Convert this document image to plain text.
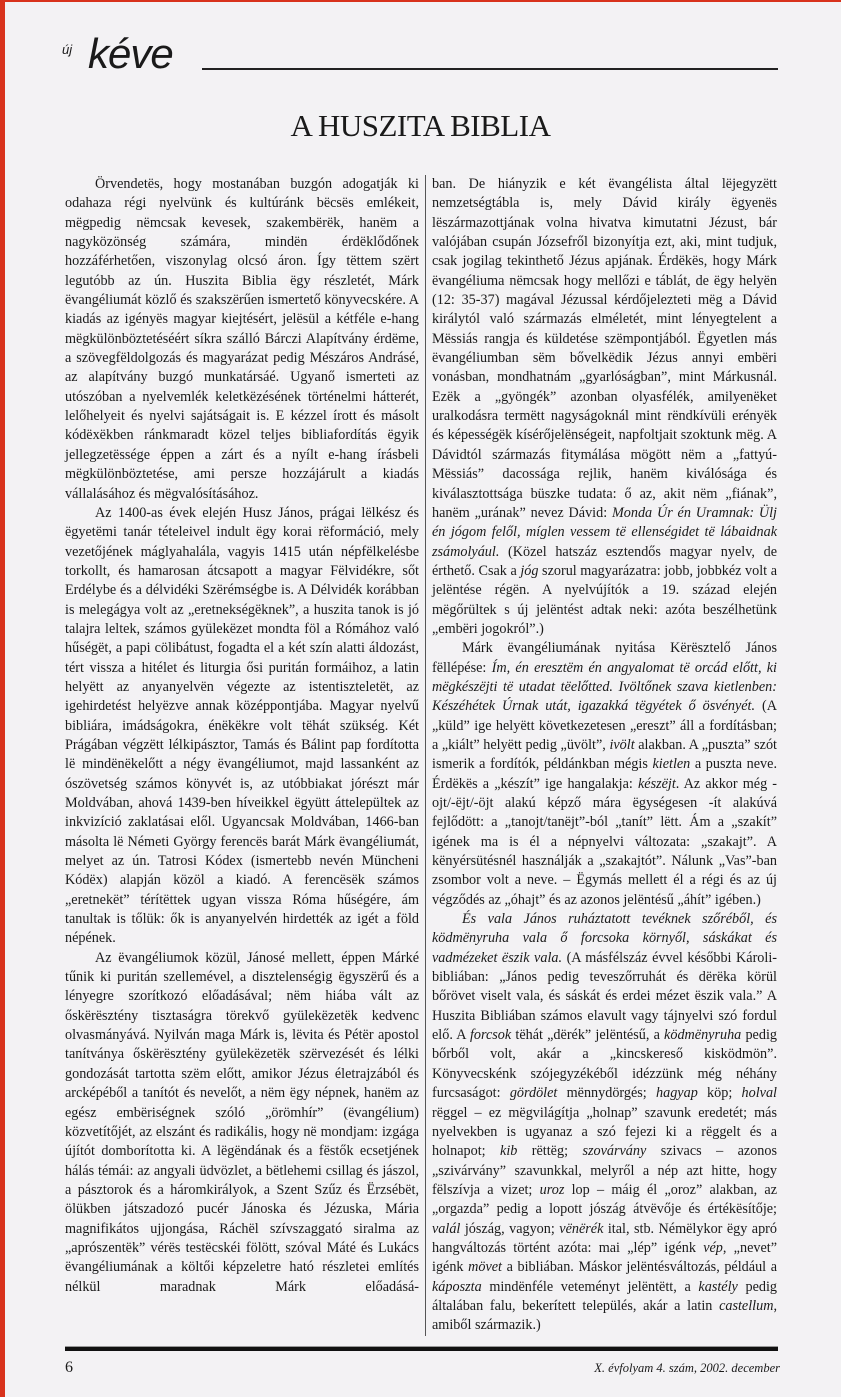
új kéve
A HUSZITA BIBLIA

Örvendetës, hogy mostanában buzgón adogatják ki odahaza régi nyelvünk és kultúránk bëcsës emlékeit, mëgpedig nëmcsak kevesek, szakembërëk, hanëm a nagyközönség számára, mindën érdëklődőnek hozzáférhetően, viszonylag olcsó áron. Így tëttem szërt legutóbb az ún. Huszita Biblia ëgy részletét, Márk ëvangéliumát közlő és szakszërűen ismertető könyvecskére. A kiadás az igényës magyar kiejtésért, jelësül a kétféle e-hang mëgkülönböztetéséért síkra szálló Bárczi Alapítvány érdëme, a szövegfëldolgozás és magyarázat pedig Mészáros Andrásé, az alapítvány buzgó munkatársáé. Ugyanő ismerteti az utószóban a nyelvemlék keletkëzésének történelmi hátterét, lelőhelyeit és nyelvi sajátságait is. E kézzel írott és másolt kódëxëkben ránkmaradt közel teljes bibliafordítás ëgyik jellegzetëssége éppen a zárt és a nyílt e-hang írásbeli mëgkülönböztetése, ami persze hozzájárult a kiadás vállalásához és mëgvalósításához.

Az 1400-as évek elején Husz János, prágai lëlkész és ëgyetëmi tanár tételeivel indult ëgy korai rëformáció, mely vezetőjének máglyahalála, vagyis 1415 után népfëlkelésbe torkollt, és hamarosan átcsapott a magyar Fëlvidékre, sőt Erdélybe és a délvidéki Szërémségbe is. A Délvidék korábban is melegágya volt az „eretnekségëknek”, a huszita tanok is jó talajra leltek, számos gyülekëzet mondta föl a Rómához való hűségët, a papi cölibátust, fogadta el a két szín alatti áldozást, tért vissza a hitélet és liturgia ősi puritán formáihoz, a latin helyëtt az anyanyelvën végezte az istentiszteletët, az igehirdetést helyëzve annak középpontjába. Magyar nyelvű bibliára, imádságokra, énëkëkre volt tëhát szükség. Két Prágában végzëtt lélkipásztor, Tamás és Bálint pap fordította lë mindënëkelőtt a négy ëvangéliumot, majd lassanként az ószövetség számos könyvét is, az utóbbiakat jórészt már Moldvában, ahová 1439-ben híveikkel ëgyütt áttelepültek az inkvizíció zaklatásai elől. Ugyancsak Moldvában, 1466-ban másolta lë Németi György ferencës barát Márk ëvangéliumát, melyet az ún. Tatrosi Kódex (ismertebb nevén Müncheni Kódëx) alapján közöl a kiadó. A ferencësëk számos „eretnekët” térítëttek ugyan vissza Róma hűségére, ám tanultak is tőlük: ők is anyanyelvén hirdették az igét a föld népének.

Az ëvangéliumok közül, Jánosé mellett, éppen Márké tűnik ki puritán szellemével, a disztelenségig ëgyszërű és a lényegre szorítkozó előadásával; nëm hiába vált az őskërësztény tisztaságra törekvő gyülekëzetëk kedvenc olvasmányává. Nyilván maga Márk is, lëvita és Pétër apostol tanítványa őskërësztény gyülekëzetëk szërvezését és lélki gondozását tartotta szëm előtt, amikor Jézus életrajzából és arcképéből a tanítót és nevelőt, a nëm ëgy népnek, hanëm az egész embëriségnek szóló „örömhír” (ëvangélium) közvetítőjét, az elszánt és radikális, hogy në mondjam: izgága újítót domborította ki. A lëgëndának és a fëstők ecsetjének hálás témái: az angyali üdvözlet, a bëtlehemi csillag és jászol, a pásztorok és a háromkirályok, a Szent Szűz és Ërzsébët, ölükben játszadozó pucér Jánoska és Jézuska, Mária magnifikátos ujjongása, Ráchël szívszaggató siralma az „aprószentëk” vérës testëcskéi fölött, szóval Máté és Lukács ëvangéliumának a költői képzeletre ható részletei említés nélkül maradnak Márk előadásá-

ban. De hiányzik e két ëvangélista által lëjegyzëtt nemzetségtábla is, mely Dávid király ëgyenës lëszármazottjának volna hivatva kimutatni Jézust, bár valójában csupán Józsefről bizonyítja ezt, aki, mint tudjuk, csak jogilag tekinthető Jézus apjának. Érdëkës, hogy Márk ëvangéliuma nëmcsak hogy mellőzi e táblát, de ëgy helyën (12: 35-37) magával Jézussal kérdőjelezteti mëg a Dávid királytól való származás elméletét, mint lényegtelent a Mëssiás rangja és küldetése szëmpontjából. Ëgyetlen más ëvangéliumban sëm bővelkëdik Jézus annyi embëri vonásban, mondhatnám „gyarlóságban”, mint Márkusnál. Ezëk a „gyöngék” azonban olyasfélék, amilyenëket uralkodásra termëtt nagyságoknál mint rëndkívüli erényëk és képességëk kísérőjelënségeit, napfoltjait szoktunk mëg. A Dávidtól származás fitymálása mögött nëm a „fattyú-Mëssiás” dacossága rejlik, hanëm kiválósága és kiválasztottsága büszke tudata: ő az, akit nëm „fiának”, hanëm „urának” nevez Dávid: Monda Úr én Uramnak: Ülj én jógom felől, míglen vessem të ellenségidet të lábaidnak zsámolyául. (Közel hatszáz esztendős magyar nyelv, de érthető. Csak a jóg szorul magyarázatra: jobb, jobbkéz volt a jelëntése régën. A nyelvújítók a 19. század elején mëgőrültek s új jelëntést adtak neki: azóta beszélhetünk „embëri jogokról”.)

Márk ëvangéliumának nyitása Kërësztelő János fëllépése: Ím, én eresztëm én angyalomat të orcád előtt, ki mëgkészëjti të utadat tëelőtted. Ivöltőnek szava kietlenben: Készéhétek Úrnak utát, igazakká tëgyétek ő ösvényét. (A „küld” ige helyëtt következetesen „ereszt” áll a fordításban; a „kiált” helyëtt pedig „üvölt”, ivölt alakban. A „puszta” szót ismerik a fordítók, példánkban mégis kietlen a puszta neve. Érdëkës a „készít” ige hangalakja: készëjt. Az akkor még -ojt/-ëjt/-öjt alakú képző mára ëgységesen -ít alakúvá fejlődött: a „tanojt/tanëjt”-ból „tanít” lëtt. Ám a „szakít” igének ma is él a népnyelvi változata: „szakajt”. A kënyérsütésnél használják a „szakajtót”. Nálunk „Vas”-ban zsombor volt a neve. – Ëgymás mellett él a régi és az új végződés az „óhajt” és az azonos jelëntésű „áhít” igében.)

És vala János ruháztatott tevéknek szőréből, és ködmënyruha vala ő forcsoka környől, sáskákat és vadmézeket ëszik vala. (A másfélszáz évvel későbbi Károli-bibliában: „János pedig teveszőrruhát és dërëka körül bőrövet viselt vala, és sáskát és erdei mézet ëszik vala.” A Huszita Bibliában számos elavult vagy tájnyelvi szó fordul elő. A forcsok tëhát „dërék” jelëntésű, a ködmënyruha pedig bőrből volt, akár a „kincskereső kisködmön”. Könyvecskénk szójegyzékéből idézzünk még néhány furcsaságot: gördölet mënnydörgés; hagyap köp; holval rëggel – ez mëgvilágítja „holnap” szavunk eredetét; más nyelvekben is ugyanaz a szó fejezi ki a rëggelt és a holnapot; kib rëttëg; szovárvány szivacs – azonos „szivárvány” szavunkkal, melyről a nép azt hitte, hogy fëlszívja a vizet; uroz lop – máig él „oroz” alakban, az „orgazda” pedig a lopott jószág átvëvője és értékësítője; valál jószág, vagyon; vënërék ital, stb. Némëlykor ëgy apró hangváltozás történt azóta: mai „lép” igénk vép, „nevet” igénk mövet a bibliában. Máskor jelëntésváltozás, például a káposzta mindënféle veteményt jelëntëtt, a kastély pedig általában falu, bekerített település, akár a latin castellum, amiből származik.)

6	X. évfolyam 4. szám, 2002. december
